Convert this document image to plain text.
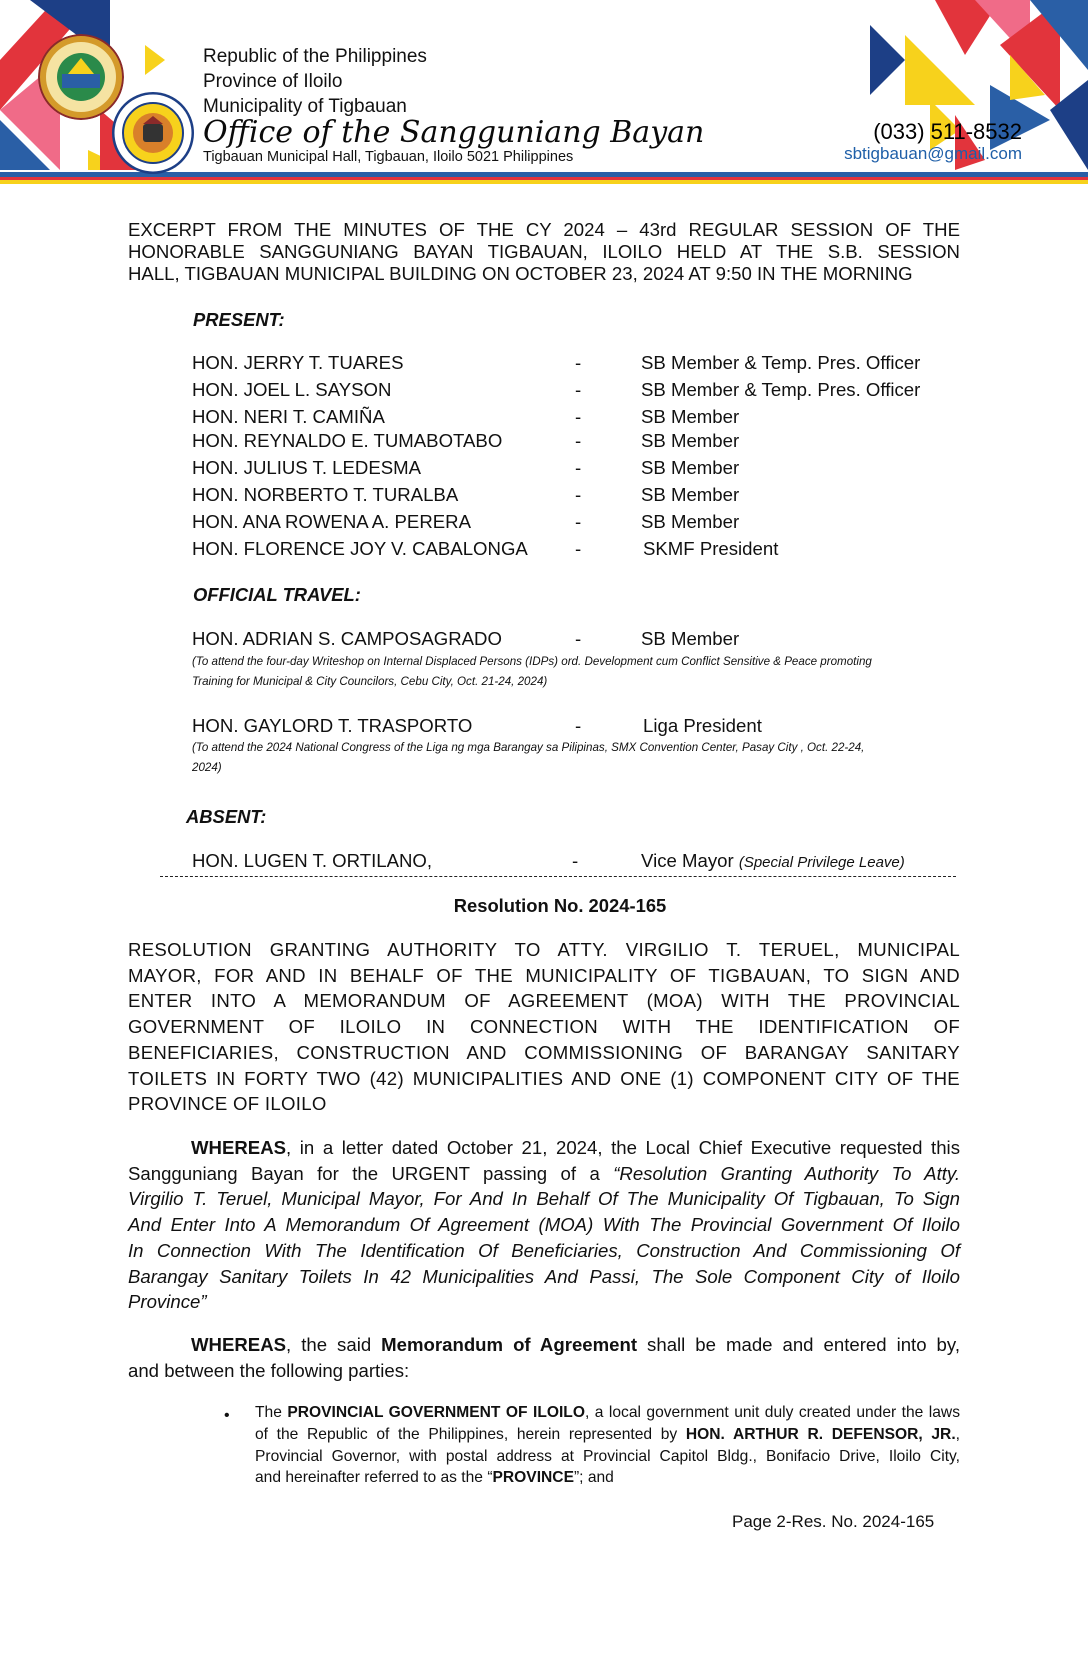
Republic of the Philippines
Province of Iloilo
Municipality of Tigbauan
Office of the Sangguniang Bayan
Tigbauan Municipal Hall, Tigbauan, Iloilo 5021 Philippines
(033) 511-8532
sbtigbauan@gmail.com
EXCERPT FROM THE MINUTES OF THE CY 2024 – 43rd REGULAR SESSION OF THE
HONORABLE SANGGUNIANG BAYAN TIGBAUAN, ILOILO HELD AT THE S.B. SESSION
HALL, TIGBAUAN MUNICIPAL BUILDING ON OCTOBER 23, 2024 AT 9:50 IN THE MORNING
PRESENT:
HON. JERRY T. TUARES	-	SB Member & Temp. Pres. Officer
HON. JOEL L. SAYSON	-	SB Member & Temp. Pres. Officer
HON. NERI T. CAMIÑA	-	SB Member
HON. REYNALDO E. TUMABOTABO	-	SB Member
HON. JULIUS T. LEDESMA	-	SB Member
HON. NORBERTO T. TURALBA	-	SB Member
HON. ANA ROWENA A. PERERA	-	SB Member
HON. FLORENCE JOY V. CABALONGA	-	SKMF President
OFFICIAL TRAVEL:
HON. ADRIAN S. CAMPOSAGRADO	-	SB Member
(To attend the four-day Writeshop on Internal Displaced Persons (IDPs) ord. Development cum Conflict Sensitive & Peace promoting
Training for Municipal & City Councilors, Cebu City, Oct. 21-24, 2024)
HON. GAYLORD T. TRASPORTO	-	Liga President
(To attend the 2024 National Congress of the Liga ng mga Barangay sa Pilipinas, SMX Convention Center, Pasay City , Oct. 22-24,
2024)
ABSENT:
HON. LUGEN T. ORTILANO,	-	Vice Mayor (Special Privilege Leave)
Resolution No. 2024-165
RESOLUTION GRANTING AUTHORITY TO ATTY. VIRGILIO T. TERUEL, MUNICIPAL
MAYOR, FOR AND IN BEHALF OF THE MUNICIPALITY OF TIGBAUAN, TO SIGN AND
ENTER INTO A MEMORANDUM OF AGREEMENT (MOA) WITH THE PROVINCIAL
GOVERNMENT OF ILOILO IN CONNECTION WITH THE IDENTIFICATION OF
BENEFICIARIES, CONSTRUCTION AND COMMISSIONING OF BARANGAY SANITARY
TOILETS IN FORTY TWO (42) MUNICIPALITIES AND ONE (1) COMPONENT CITY OF THE
PROVINCE OF ILOILO
WHEREAS, in a letter dated October 21, 2024, the Local Chief Executive requested this
Sangguniang Bayan for the URGENT passing of a “Resolution Granting Authority To Atty.
Virgilio T. Teruel, Municipal Mayor, For And In Behalf Of The Municipality Of Tigbauan, To Sign
And Enter Into A Memorandum Of Agreement (MOA) With The Provincial Government Of Iloilo
In Connection With The Identification Of Beneficiaries, Construction And Commissioning Of
Barangay Sanitary Toilets In 42 Municipalities And Passi, The Sole Component City of Iloilo
Province”
WHEREAS, the said Memorandum of Agreement shall be made and entered into by,
and between the following parties:
• The PROVINCIAL GOVERNMENT OF ILOILO, a local government unit duly created under the laws
of the Republic of the Philippines, herein represented by HON. ARTHUR R. DEFENSOR, JR.,
Provincial Governor, with postal address at Provincial Capitol Bldg., Bonifacio Drive, Iloilo City,
and hereinafter referred to as the “PROVINCE”; and
Page 2-Res. No. 2024-165
